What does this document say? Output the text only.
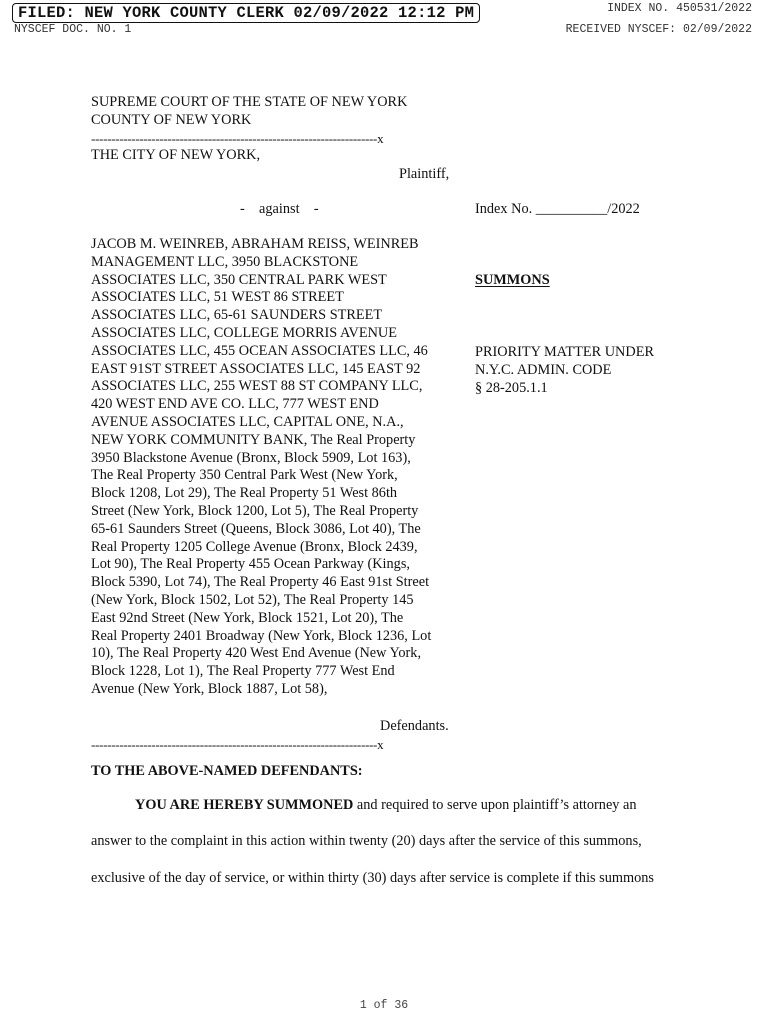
FILED: NEW YORK COUNTY CLERK 02/09/2022 12:12 PM	INDEX NO. 450531/2022
NYSCEF DOC. NO. 1	RECEIVED NYSCEF: 02/09/2022
SUPREME COURT OF THE STATE OF NEW YORK
COUNTY OF NEW YORK
-----------------------------------------------------------------------x
THE CITY OF NEW YORK,
Plaintiff,
-    against    -	Index No. __________/2022
SUMMONS
PRIORITY MATTER UNDER
N.Y.C. ADMIN. CODE
§ 28-205.1.1
JACOB M. WEINREB, ABRAHAM REISS, WEINREB
MANAGEMENT LLC, 3950 BLACKSTONE
ASSOCIATES LLC, 350 CENTRAL PARK WEST
ASSOCIATES LLC, 51 WEST 86 STREET
ASSOCIATES LLC, 65-61 SAUNDERS STREET
ASSOCIATES LLC, COLLEGE MORRIS AVENUE
ASSOCIATES LLC, 455 OCEAN ASSOCIATES LLC, 46
EAST 91ST STREET ASSOCIATES LLC, 145 EAST 92
ASSOCIATES LLC, 255 WEST 88 ST COMPANY LLC,
420 WEST END AVE CO. LLC, 777 WEST END
AVENUE ASSOCIATES LLC, CAPITAL ONE, N.A.,
NEW YORK COMMUNITY BANK, The Real Property
3950 Blackstone Avenue (Bronx, Block 5909, Lot 163),
The Real Property 350 Central Park West (New York,
Block 1208, Lot 29), The Real Property 51 West 86th
Street (New York, Block 1200, Lot 5), The Real Property
65-61 Saunders Street (Queens, Block 3086, Lot 40), The
Real Property 1205 College Avenue (Bronx, Block 2439,
Lot 90), The Real Property 455 Ocean Parkway (Kings,
Block 5390, Lot 74), The Real Property 46 East 91st Street
(New York, Block 1502, Lot 52), The Real Property 145
East 92nd Street (New York, Block 1521, Lot 20), The
Real Property 2401 Broadway (New York, Block 1236, Lot
10), The Real Property 420 West End Avenue (New York,
Block 1228, Lot 1), The Real Property 777 West End
Avenue (New York, Block 1887, Lot 58),
Defendants.
-----------------------------------------------------------------------x
TO THE ABOVE-NAMED DEFENDANTS:
YOU ARE HEREBY SUMMONED and required to serve upon plaintiff’s attorney an
answer to the complaint in this action within twenty (20) days after the service of this summons,
exclusive of the day of service, or within thirty (30) days after service is complete if this summons
1 of 36
